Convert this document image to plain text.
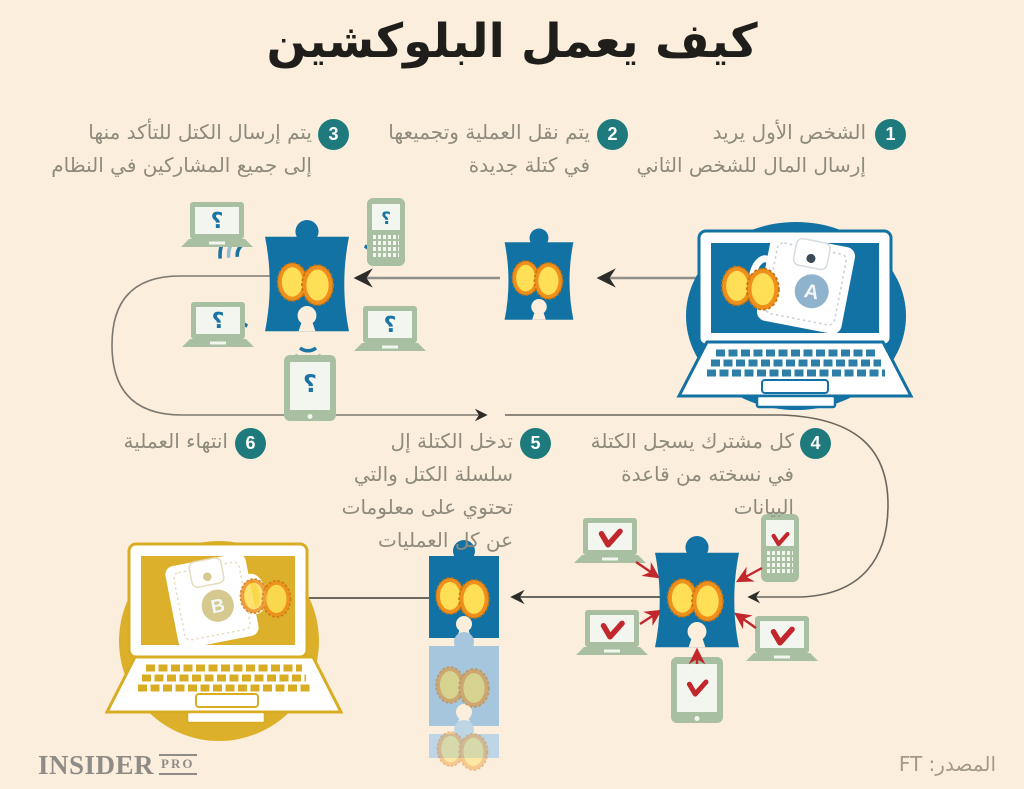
A
؟	؟
؟	؟
؟
B
كيف يعمل البلوكشين
1
2
3
4
5
6
الشخص الأول يريد
إرسال المال للشخص الثاني
يتم نقل العملية وتجميعها
في كتلة جديدة
يتم إرسال الكتل للتأكد منها
إلى جميع المشاركين في النظام
كل مشترك يسجل الكتلة
في نسخته من قاعدة البيانات
تدخل الكتلة إل
سلسلة الكتل والتي
تحتوي على معلومات
عن كل العمليات
انتهاء العملية
INSIDER PRO	المصدر: FT
